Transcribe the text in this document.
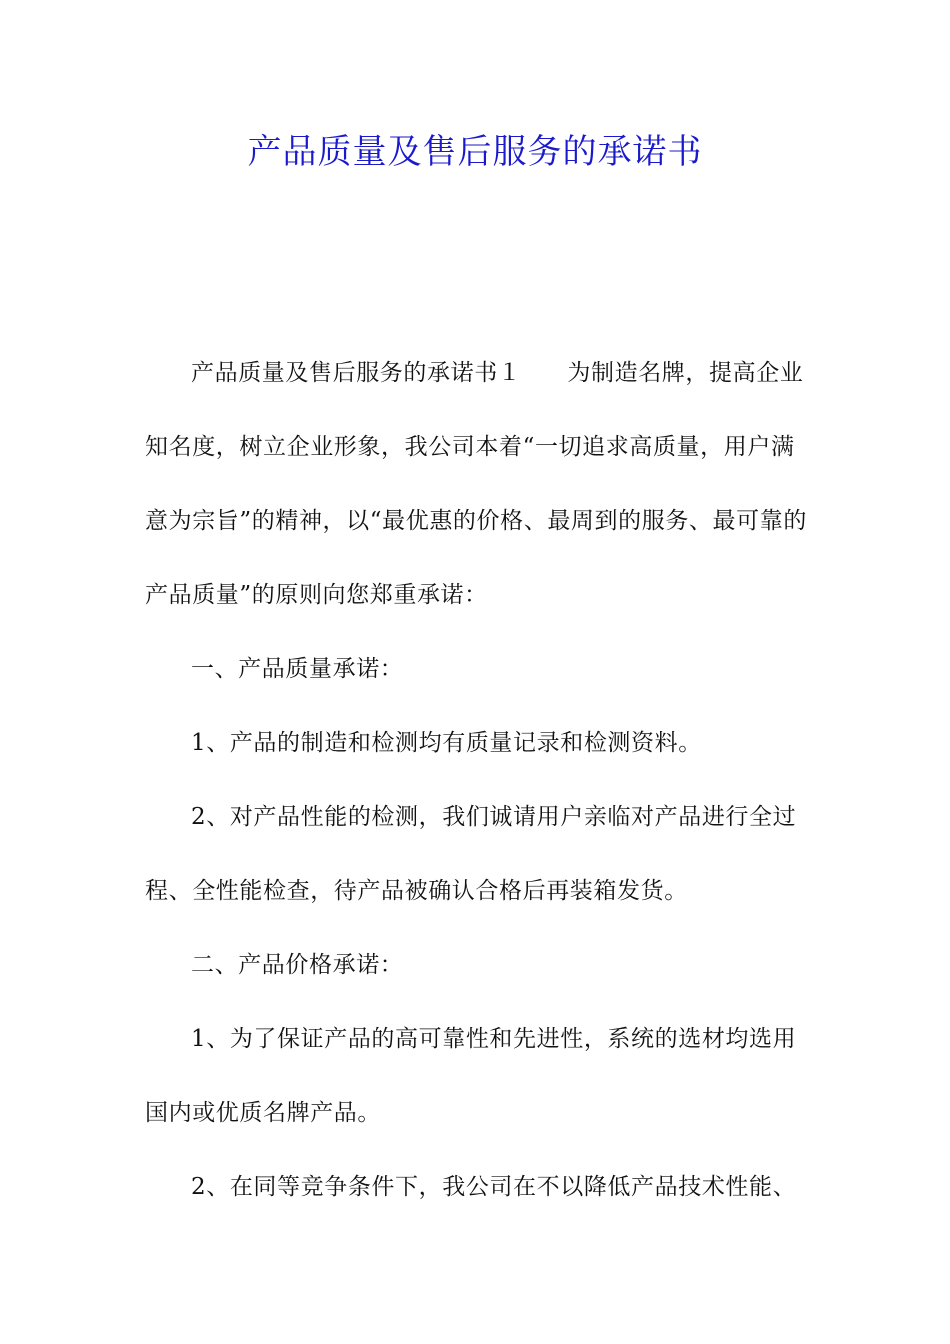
产品质量及售后服务的承诺书

产品质量及售后服务的承诺书１ 为制造名牌，提高企业知名度，树立企业形象，我公司本着“一切追求高质量，用户满意为宗旨”的精神，以“最优惠的价格、最周到的服务、最可靠的产品质量”的原则向您郑重承诺：

一、产品质量承诺：

1、产品的制造和检测均有质量记录和检测资料。

2、对产品性能的检测，我们诚请用户亲临对产品进行全过程、全性能检查，待产品被确认合格后再装箱发货。

二、产品价格承诺：

1、为了保证产品的高可靠性和先进性，系统的选材均选用国内或优质名牌产品。

2、在同等竞争条件下，我公司在不以降低产品技术性能、
